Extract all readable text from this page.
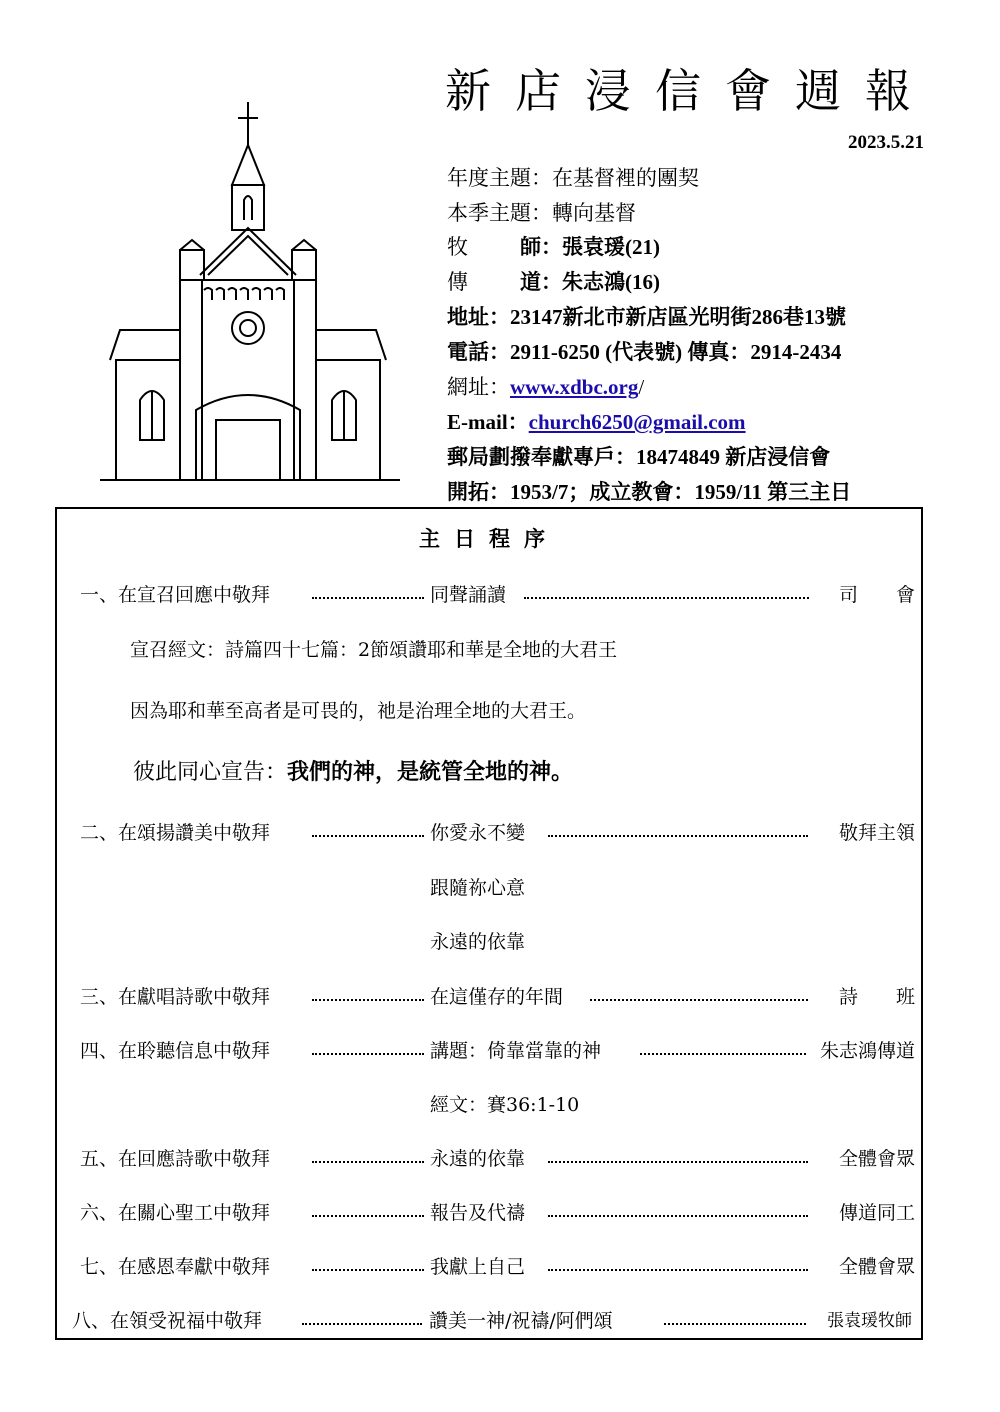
新店浸信會週報
2023.5.21
年度主題：在基督裡的團契
本季主題：轉向基督
牧 師：張袁瑗(21)
傳 道：朱志鴻(16)
地址：23147新北市新店區光明街286巷13號
電話：2911-6250 (代表號) 傳真：2914-2434
網址：www.xdbc.org/
E-mail：church6250@gmail.com
郵局劃撥奉獻專戶：18474849 新店浸信會
開拓：1953/7；成立教會：1959/11 第三主日
主日程序
一、在宣召回應中敬拜	同聲誦讀	司　　會
宣召經文：詩篇四十七篇：2節頌讚耶和華是全地的大君王
因為耶和華至高者是可畏的，祂是治理全地的大君王。
彼此同心宣告：我們的神，是統管全地的神。
二、在頌揚讚美中敬拜	你愛永不變	敬拜主領
跟隨祢心意
永遠的依靠
三、在獻唱詩歌中敬拜	在這僅存的年間	詩　　班
四、在聆聽信息中敬拜	講題：倚靠當靠的神	朱志鴻傳道
經文：賽36:1-10
五、在回應詩歌中敬拜	永遠的依靠	全體會眾
六、在關心聖工中敬拜	報告及代禱	傳道同工
七、在感恩奉獻中敬拜	我獻上自己	全體會眾
八、在領受祝福中敬拜	讚美一神/祝禱/阿們頌	張袁瑗牧師
